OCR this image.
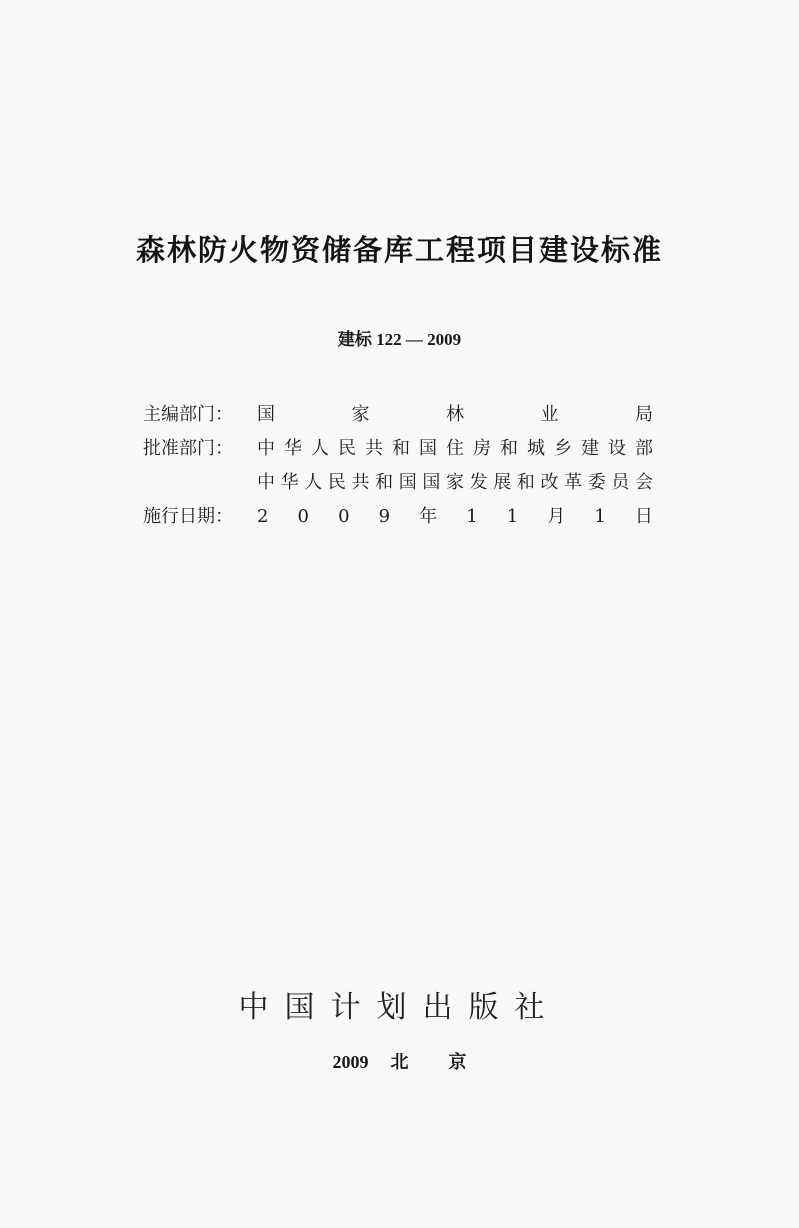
森林防火物资储备库工程项目建设标准
建标 122 — 2009
主编部门：	国	家	林	业	局
批准部门：	中 华 人 民 共 和 国 住 房 和 城 乡 建 设 部
中 华 人 民 共 和 国 国 家 发 展 和 改 革 委 员 会
施行日期：	2 0 0 9 年 1 1 月 1 日
中国计划出版社
2009 北 京
